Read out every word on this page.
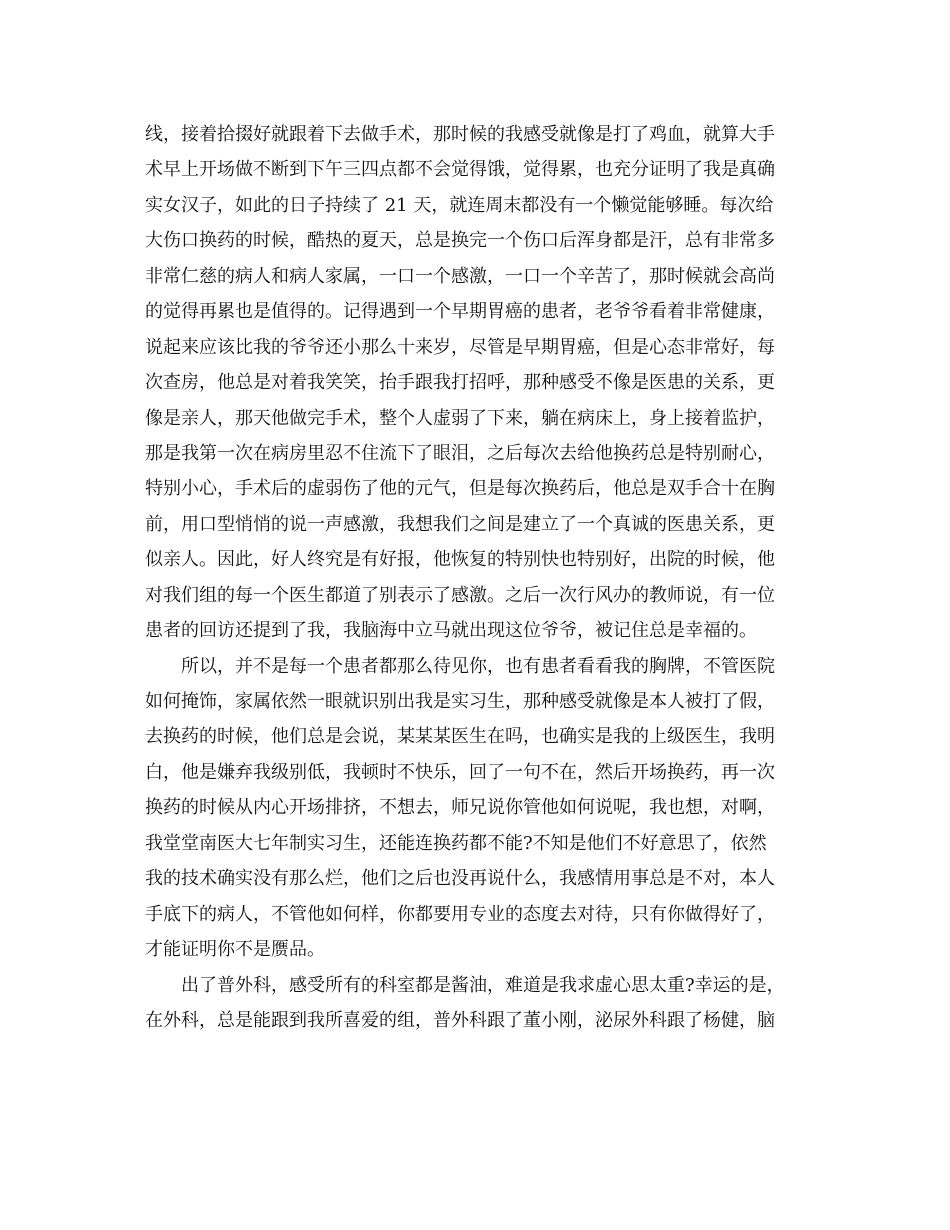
线，接着拾掇好就跟着下去做手术，那时候的我感受就像是打了鸡血，就算大手
术早上开场做不断到下午三四点都不会觉得饿，觉得累，也充分证明了我是真确
实女汉子，如此的日子持续了 21 天，就连周末都没有一个懒觉能够睡。每次给
大伤口换药的时候，酷热的夏天，总是换完一个伤口后浑身都是汗，总有非常多
非常仁慈的病人和病人家属，一口一个感激，一口一个辛苦了，那时候就会高尚
的觉得再累也是值得的。记得遇到一个早期胃癌的患者，老爷爷看着非常健康，
说起来应该比我的爷爷还小那么十来岁，尽管是早期胃癌，但是心态非常好，每
次查房，他总是对着我笑笑，抬手跟我打招呼，那种感受不像是医患的关系，更
像是亲人，那天他做完手术，整个人虚弱了下来，躺在病床上，身上接着监护，
那是我第一次在病房里忍不住流下了眼泪，之后每次去给他换药总是特别耐心，
特别小心，手术后的虚弱伤了他的元气，但是每次换药后，他总是双手合十在胸
前，用口型悄悄的说一声感激，我想我们之间是建立了一个真诚的医患关系，更
似亲人。因此，好人终究是有好报，他恢复的特别快也特别好，出院的时候，他
对我们组的每一个医生都道了别表示了感激。之后一次行风办的教师说，有一位
患者的回访还提到了我，我脑海中立马就出现这位爷爷，被记住总是幸福的。
所以，并不是每一个患者都那么待见你，也有患者看看我的胸牌，不管医院
如何掩饰，家属依然一眼就识别出我是实习生，那种感受就像是本人被打了假，
去换药的时候，他们总是会说，某某某医生在吗，也确实是我的上级医生，我明
白，他是嫌弃我级别低，我顿时不快乐，回了一句不在，然后开场换药，再一次
换药的时候从内心开场排挤，不想去，师兄说你管他如何说呢，我也想，对啊，
我堂堂南医大七年制实习生，还能连换药都不能?不知是他们不好意思了，依然
我的技术确实没有那么烂，他们之后也没再说什么，我感情用事总是不对，本人
手底下的病人，不管他如何样，你都要用专业的态度去对待，只有你做得好了，
才能证明你不是赝品。
出了普外科，感受所有的科室都是酱油，难道是我求虚心思太重?幸运的是，
在外科，总是能跟到我所喜爱的组，普外科跟了董小刚，泌尿外科跟了杨健，脑
